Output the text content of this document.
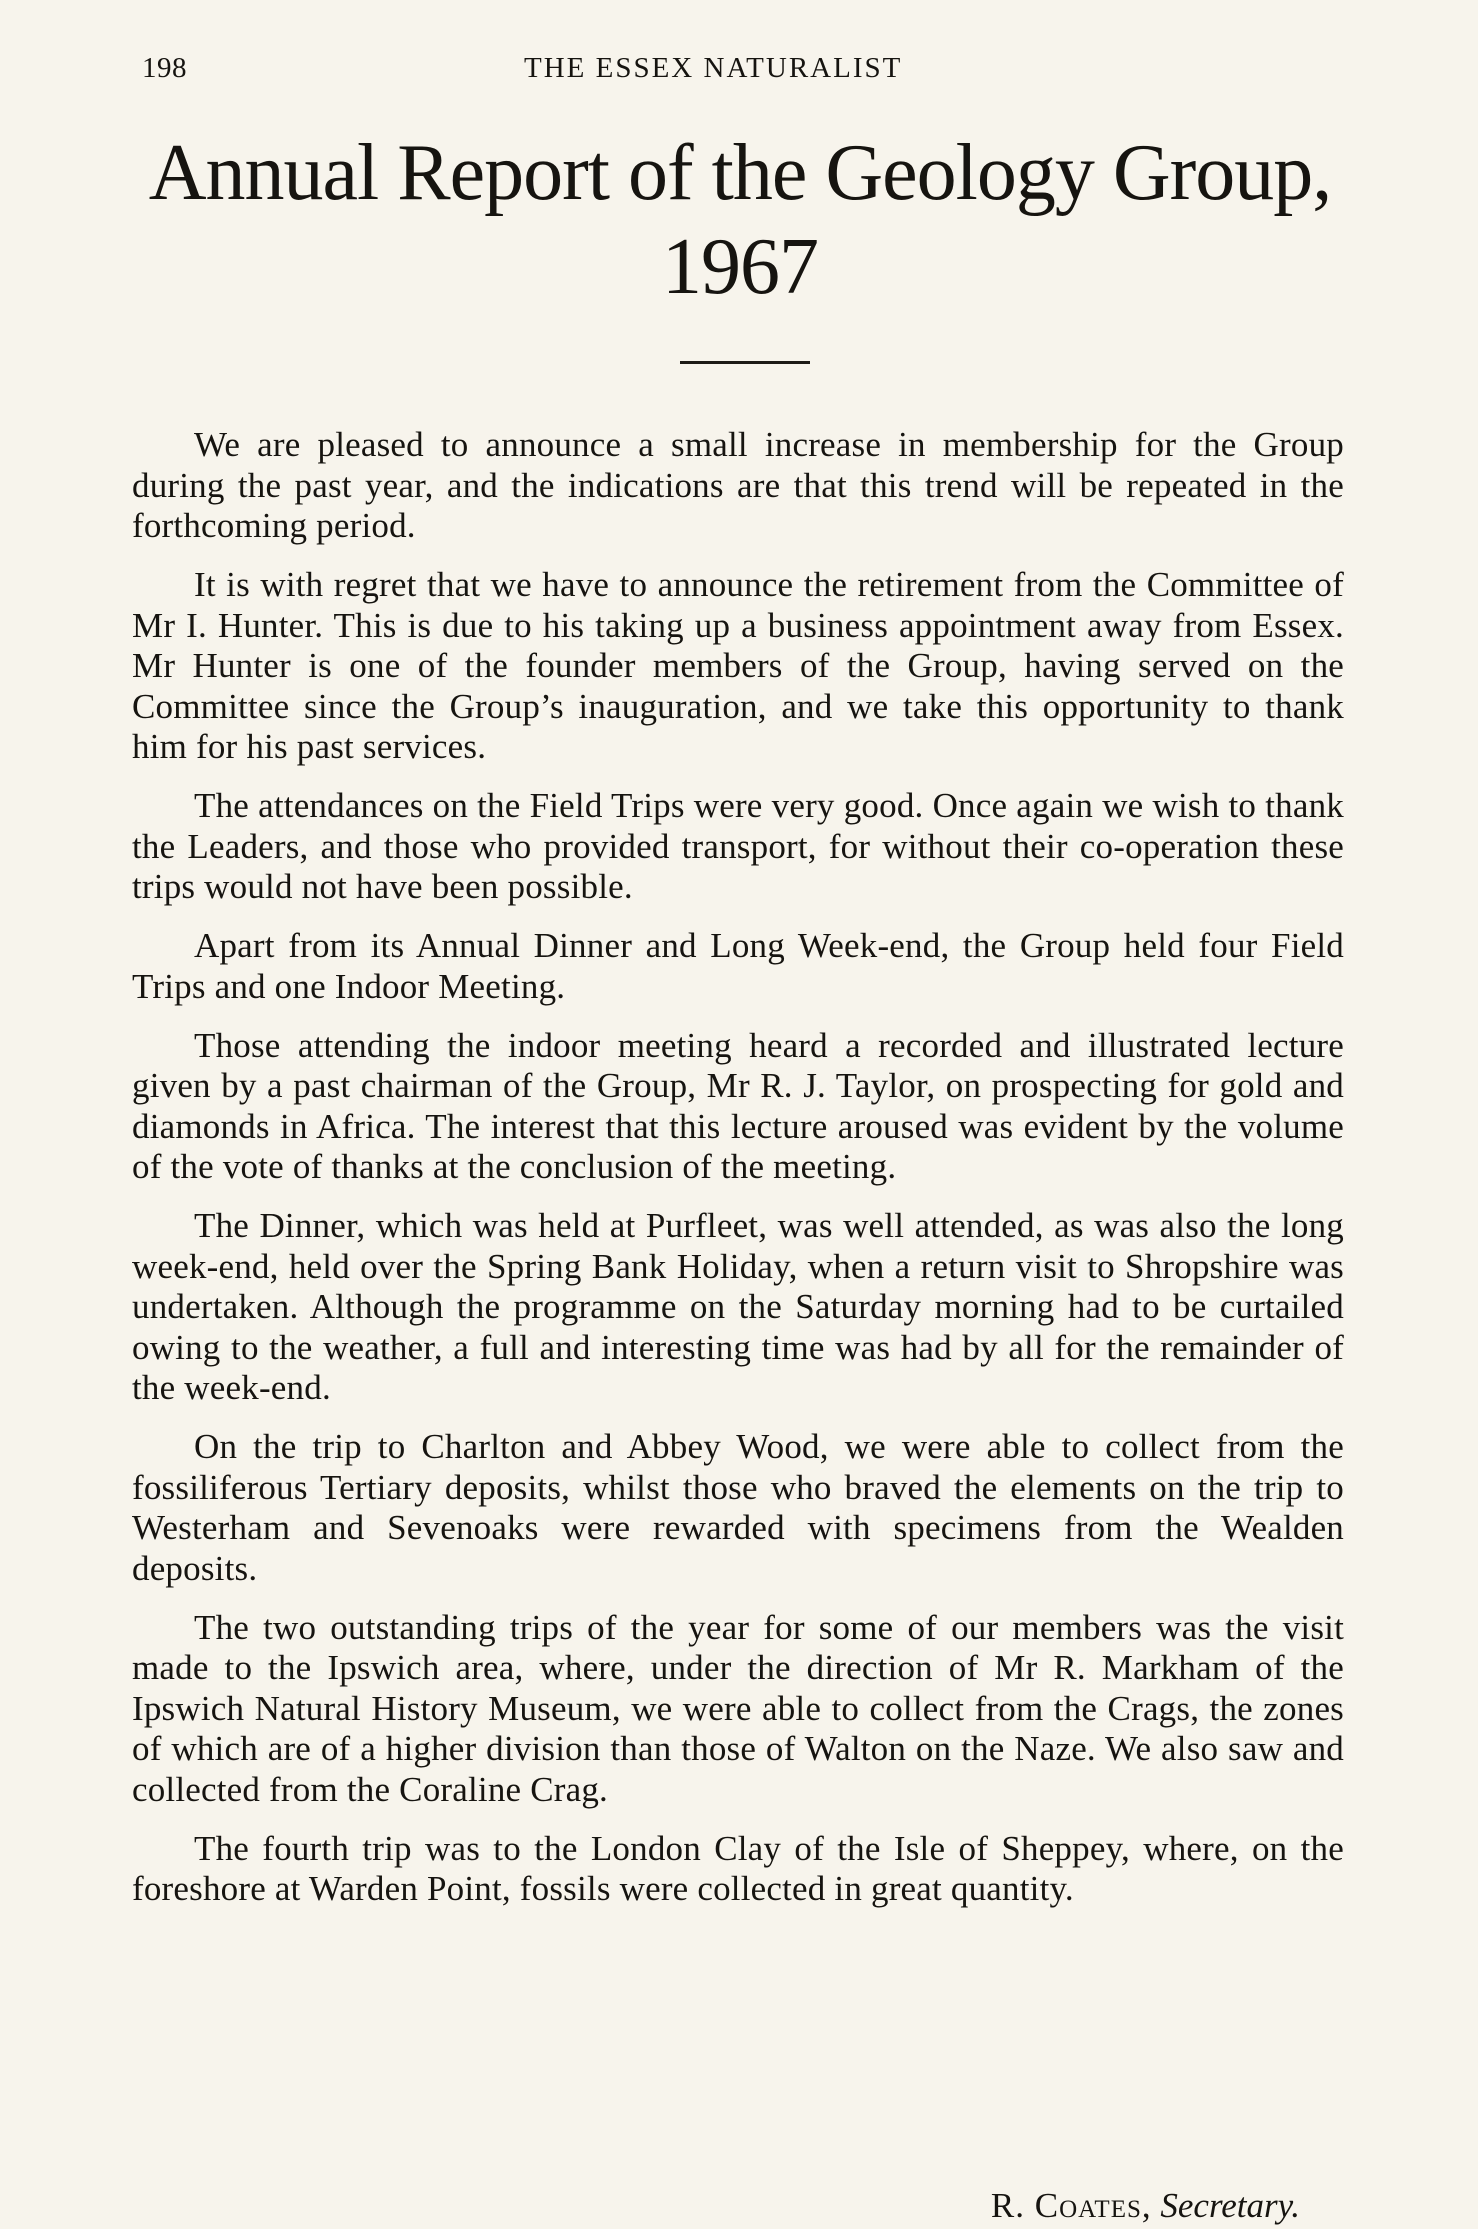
198	THE ESSEX NATURALIST
Annual Report of the Geology Group,
1967

We are pleased to announce a small increase in membership for the Group during the past year, and the indications are that this trend will be repeated in the forthcoming period.

It is with regret that we have to announce the retirement from the Committee of Mr I. Hunter. This is due to his taking up a business appointment away from Essex. Mr Hunter is one of the founder members of the Group, having served on the Committee since the Group’s inauguration, and we take this opportunity to thank him for his past services.

The attendances on the Field Trips were very good. Once again we wish to thank the Leaders, and those who provided transport, for without their co-operation these trips would not have been possible.

Apart from its Annual Dinner and Long Week-end, the Group held four Field Trips and one Indoor Meeting.

Those attending the indoor meeting heard a recorded and illustrated lecture given by a past chairman of the Group, Mr R. J. Taylor, on prospecting for gold and diamonds in Africa. The interest that this lecture aroused was evident by the volume of the vote of thanks at the conclusion of the meeting.

The Dinner, which was held at Purfleet, was well attended, as was also the long week-end, held over the Spring Bank Holiday, when a return visit to Shropshire was undertaken. Although the programme on the Saturday morning had to be curtailed owing to the weather, a full and interesting time was had by all for the remainder of the week-end.

On the trip to Charlton and Abbey Wood, we were able to collect from the fossiliferous Tertiary deposits, whilst those who braved the elements on the trip to Westerham and Sevenoaks were rewarded with specimens from the Wealden deposits.

The two outstanding trips of the year for some of our members was the visit made to the Ipswich area, where, under the direction of Mr R. Markham of the Ipswich Natural History Museum, we were able to collect from the Crags, the zones of which are of a higher division than those of Walton on the Naze. We also saw and collected from the Coraline Crag.

The fourth trip was to the London Clay of the Isle of Sheppey, where, on the foreshore at Warden Point, fossils were collected in great quantity.

R. Coates, Secretary.
